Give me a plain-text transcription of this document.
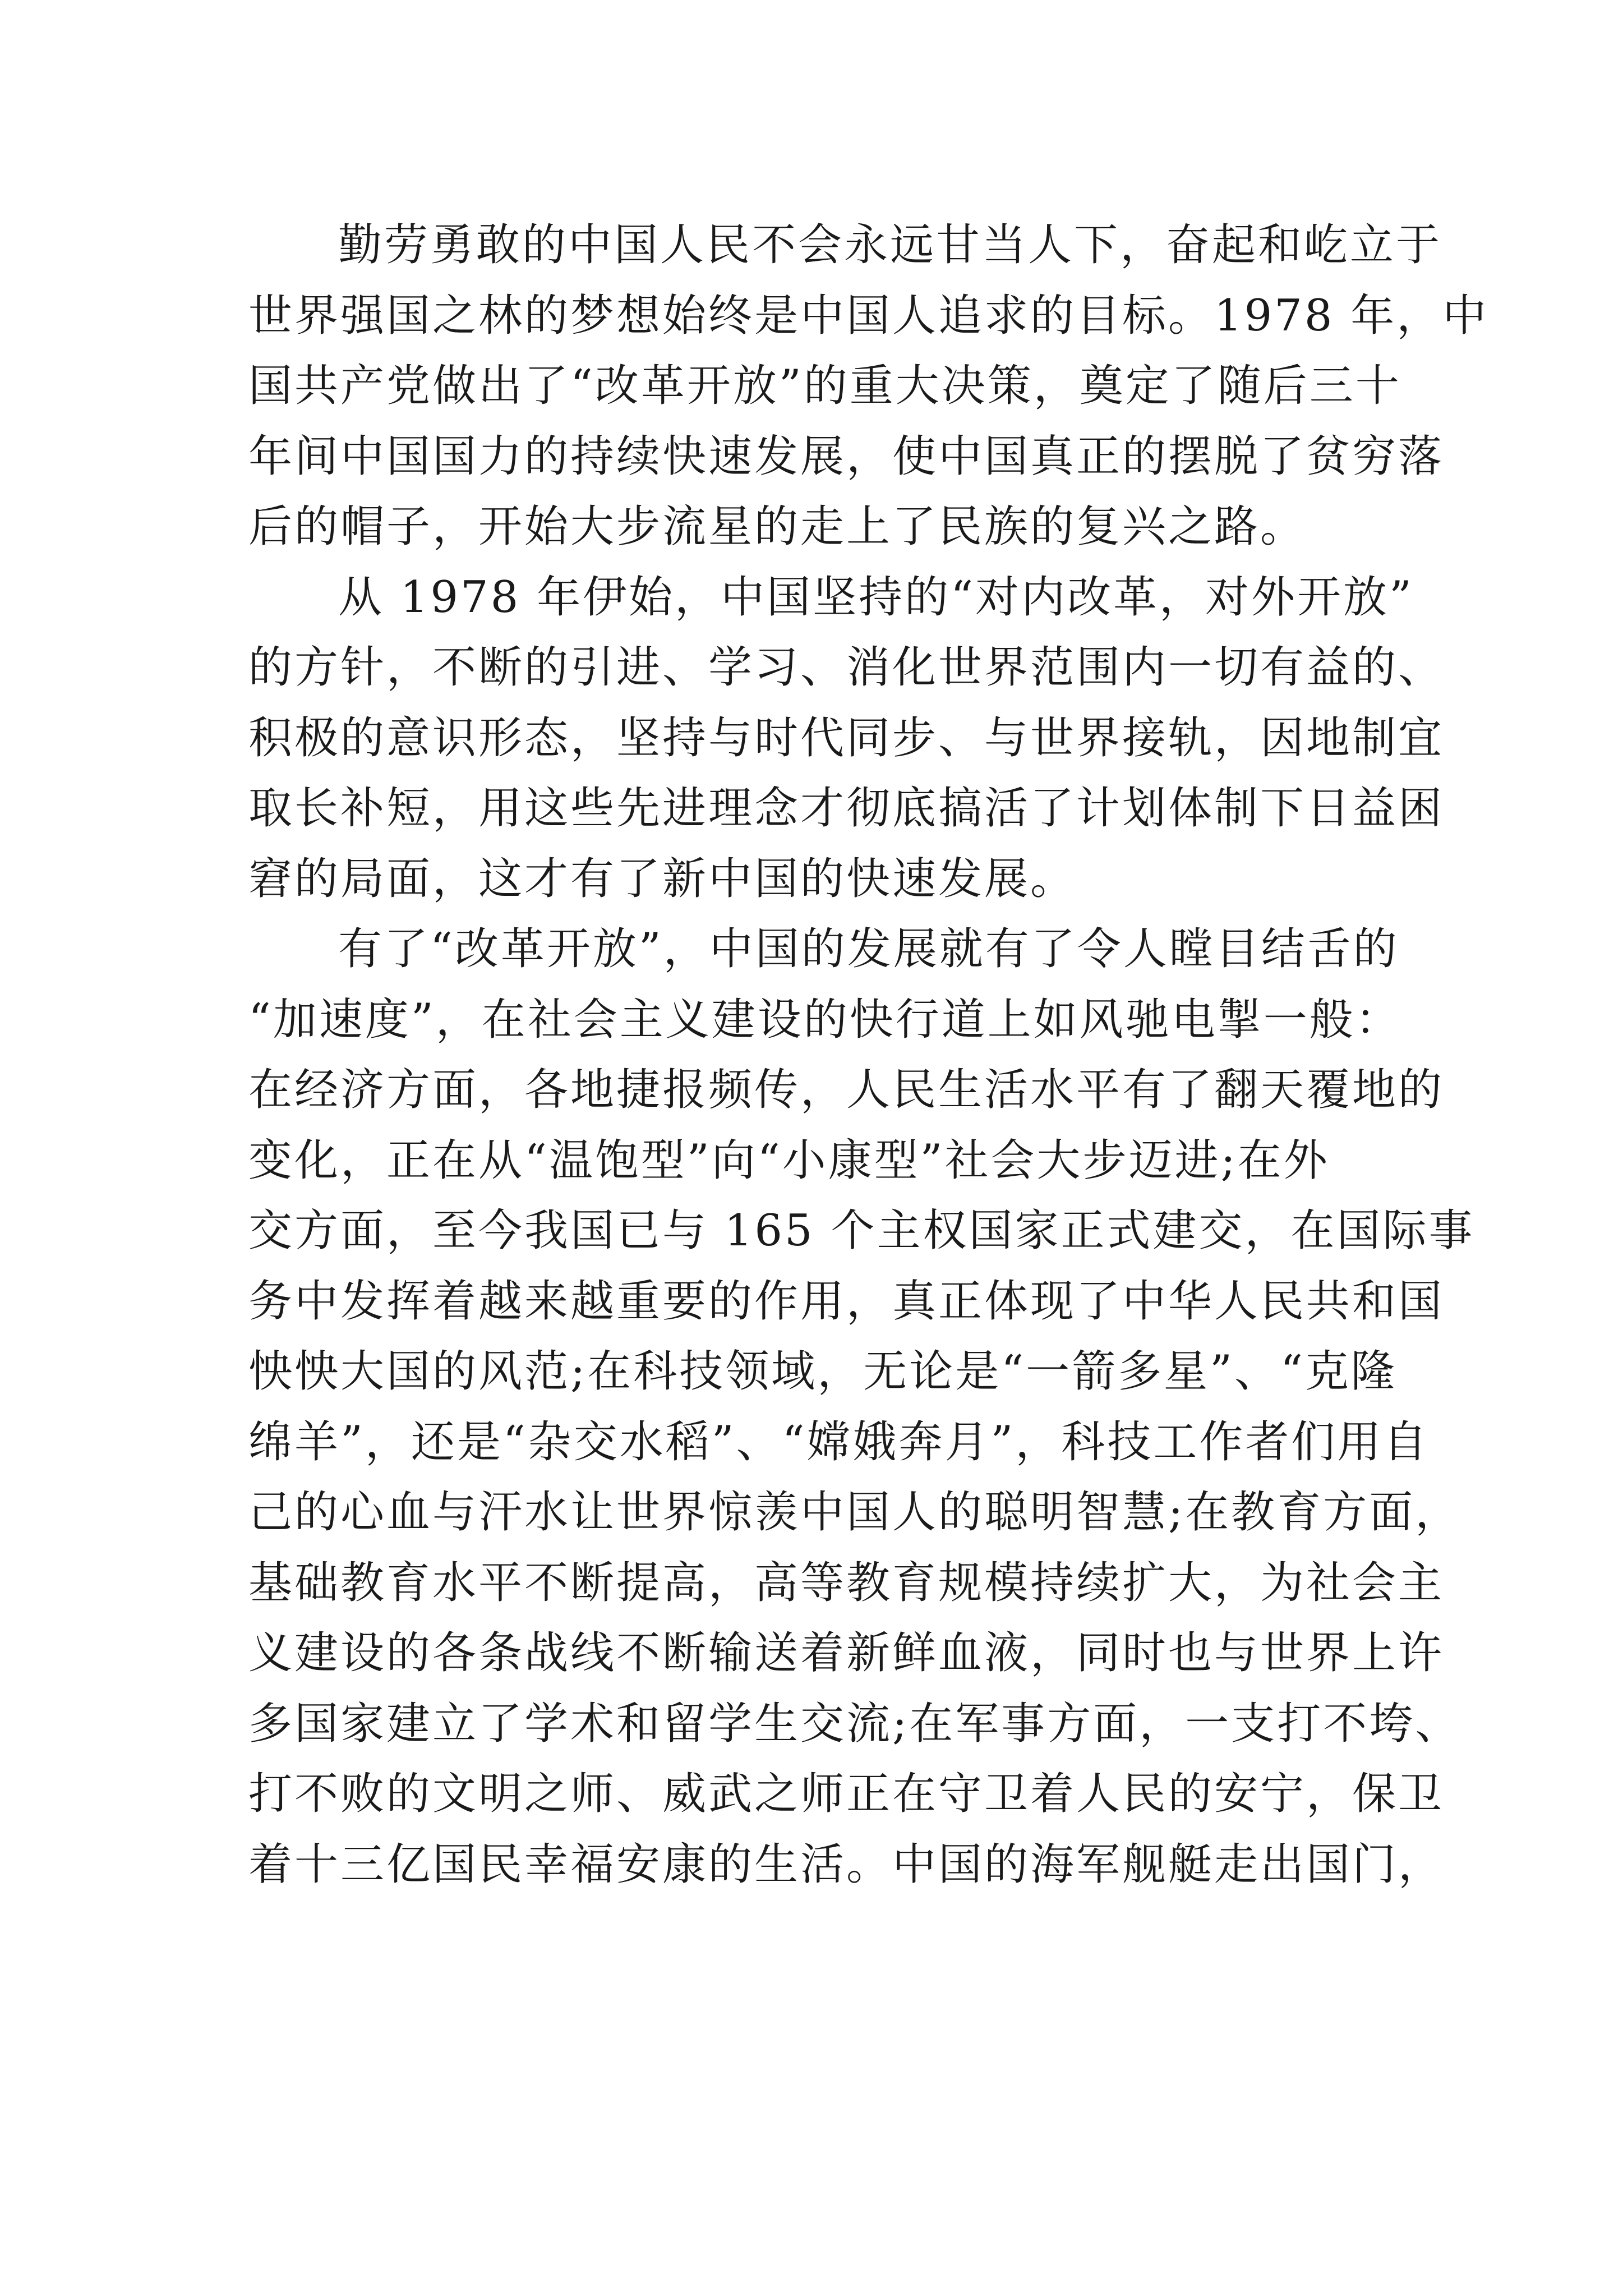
勤劳勇敢的中国人民不会永远甘当人下，奋起和屹立于
世界强国之林的梦想始终是中国人追求的目标。1978 年，中
国共产党做出了“改革开放”的重大决策，奠定了随后三十
年间中国国力的持续快速发展，使中国真正的摆脱了贫穷落
后的帽子，开始大步流星的走上了民族的复兴之路。
从 1978 年伊始，中国坚持的“对内改革，对外开放”
的方针，不断的引进、学习、消化世界范围内一切有益的、
积极的意识形态，坚持与时代同步、与世界接轨，因地制宜
取长补短，用这些先进理念才彻底搞活了计划体制下日益困
窘的局面，这才有了新中国的快速发展。
有了“改革开放”，中国的发展就有了令人瞠目结舌的
“加速度”，在社会主义建设的快行道上如风驰电掣一般：
在经济方面，各地捷报频传，人民生活水平有了翻天覆地的
变化，正在从“温饱型”向“小康型”社会大步迈进;在外
交方面，至今我国已与 165 个主权国家正式建交，在国际事
务中发挥着越来越重要的作用，真正体现了中华人民共和国
怏怏大国的风范;在科技领域，无论是“一箭多星”、“克隆
绵羊”，还是“杂交水稻”、“嫦娥奔月”，科技工作者们用自
己的心血与汗水让世界惊羡中国人的聪明智慧;在教育方面，
基础教育水平不断提高，高等教育规模持续扩大，为社会主
义建设的各条战线不断输送着新鲜血液，同时也与世界上许
多国家建立了学术和留学生交流;在军事方面，一支打不垮、
打不败的文明之师、威武之师正在守卫着人民的安宁，保卫
着十三亿国民幸福安康的生活。中国的海军舰艇走出国门，
